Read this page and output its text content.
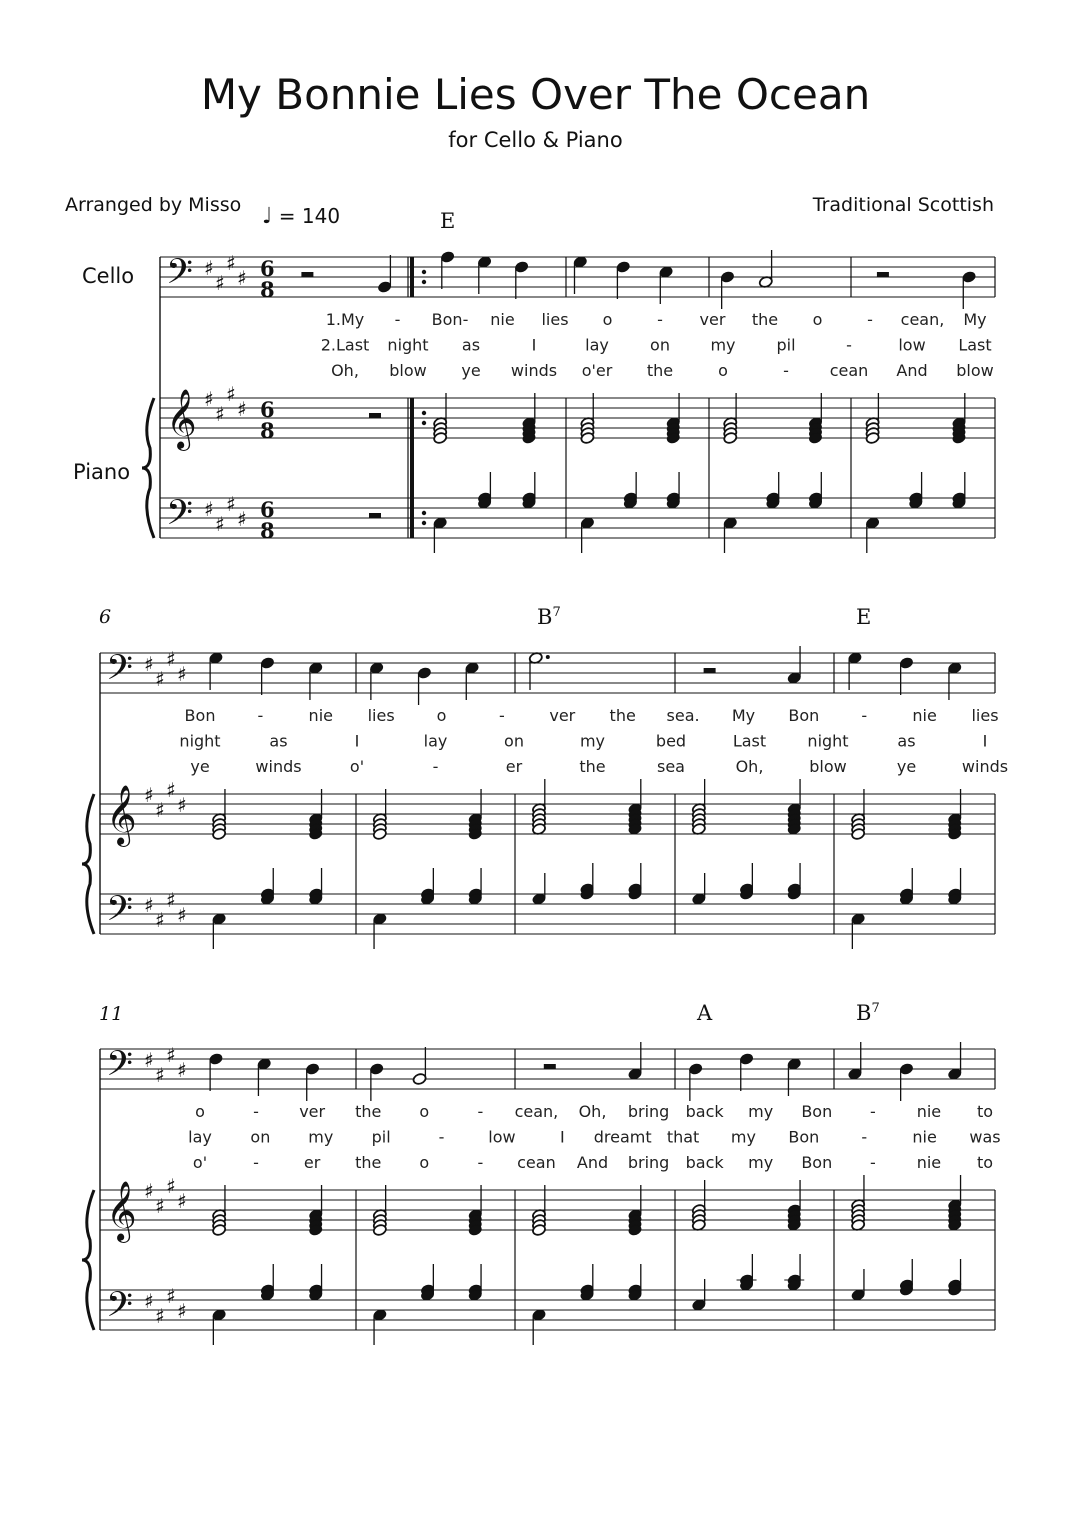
My Bonnie Lies Over The Ocean
for Cello & Piano
Arranged by Misso	Traditional Scottish
♩ = 140
Cello
Piano
6
11
E
$B^7$	E
A	$B^7$
𝄢
𝄞
𝄢
♯
♯
♯
♯
♯
♯
♯
♯
♯
♯
♯
♯
6
8
6
8
6
8
1.My - Bon- nie lies o	- ver the o	- cean, My
2.Last night as	I	lay	on	my	pil	-	low Last
Oh, blow ye winds o'er the	o	-	cean And blow
𝄢
𝄞
𝄢
♯
♯
♯
♯
♯
♯
♯
♯
♯
♯
♯
♯
Bon	-	nie lies	o	-	ver the sea. My Bon	-	nie lies
night	as	I	lay	on	my	bed	Last	night	as	I
ye	winds	o'	-	er	the	sea	Oh,	blow	ye	winds
𝄢
𝄞
𝄢
♯
♯
♯
♯
♯
♯
♯
♯
♯
♯
♯
♯
o	-	ver the o	- cean, Oh, bring back my Bon -	nie to
lay on my pil	-	low	I dreamt that my Bon	-	nie was
o'	-	er the o	- cean And bring back my Bon -	nie to
